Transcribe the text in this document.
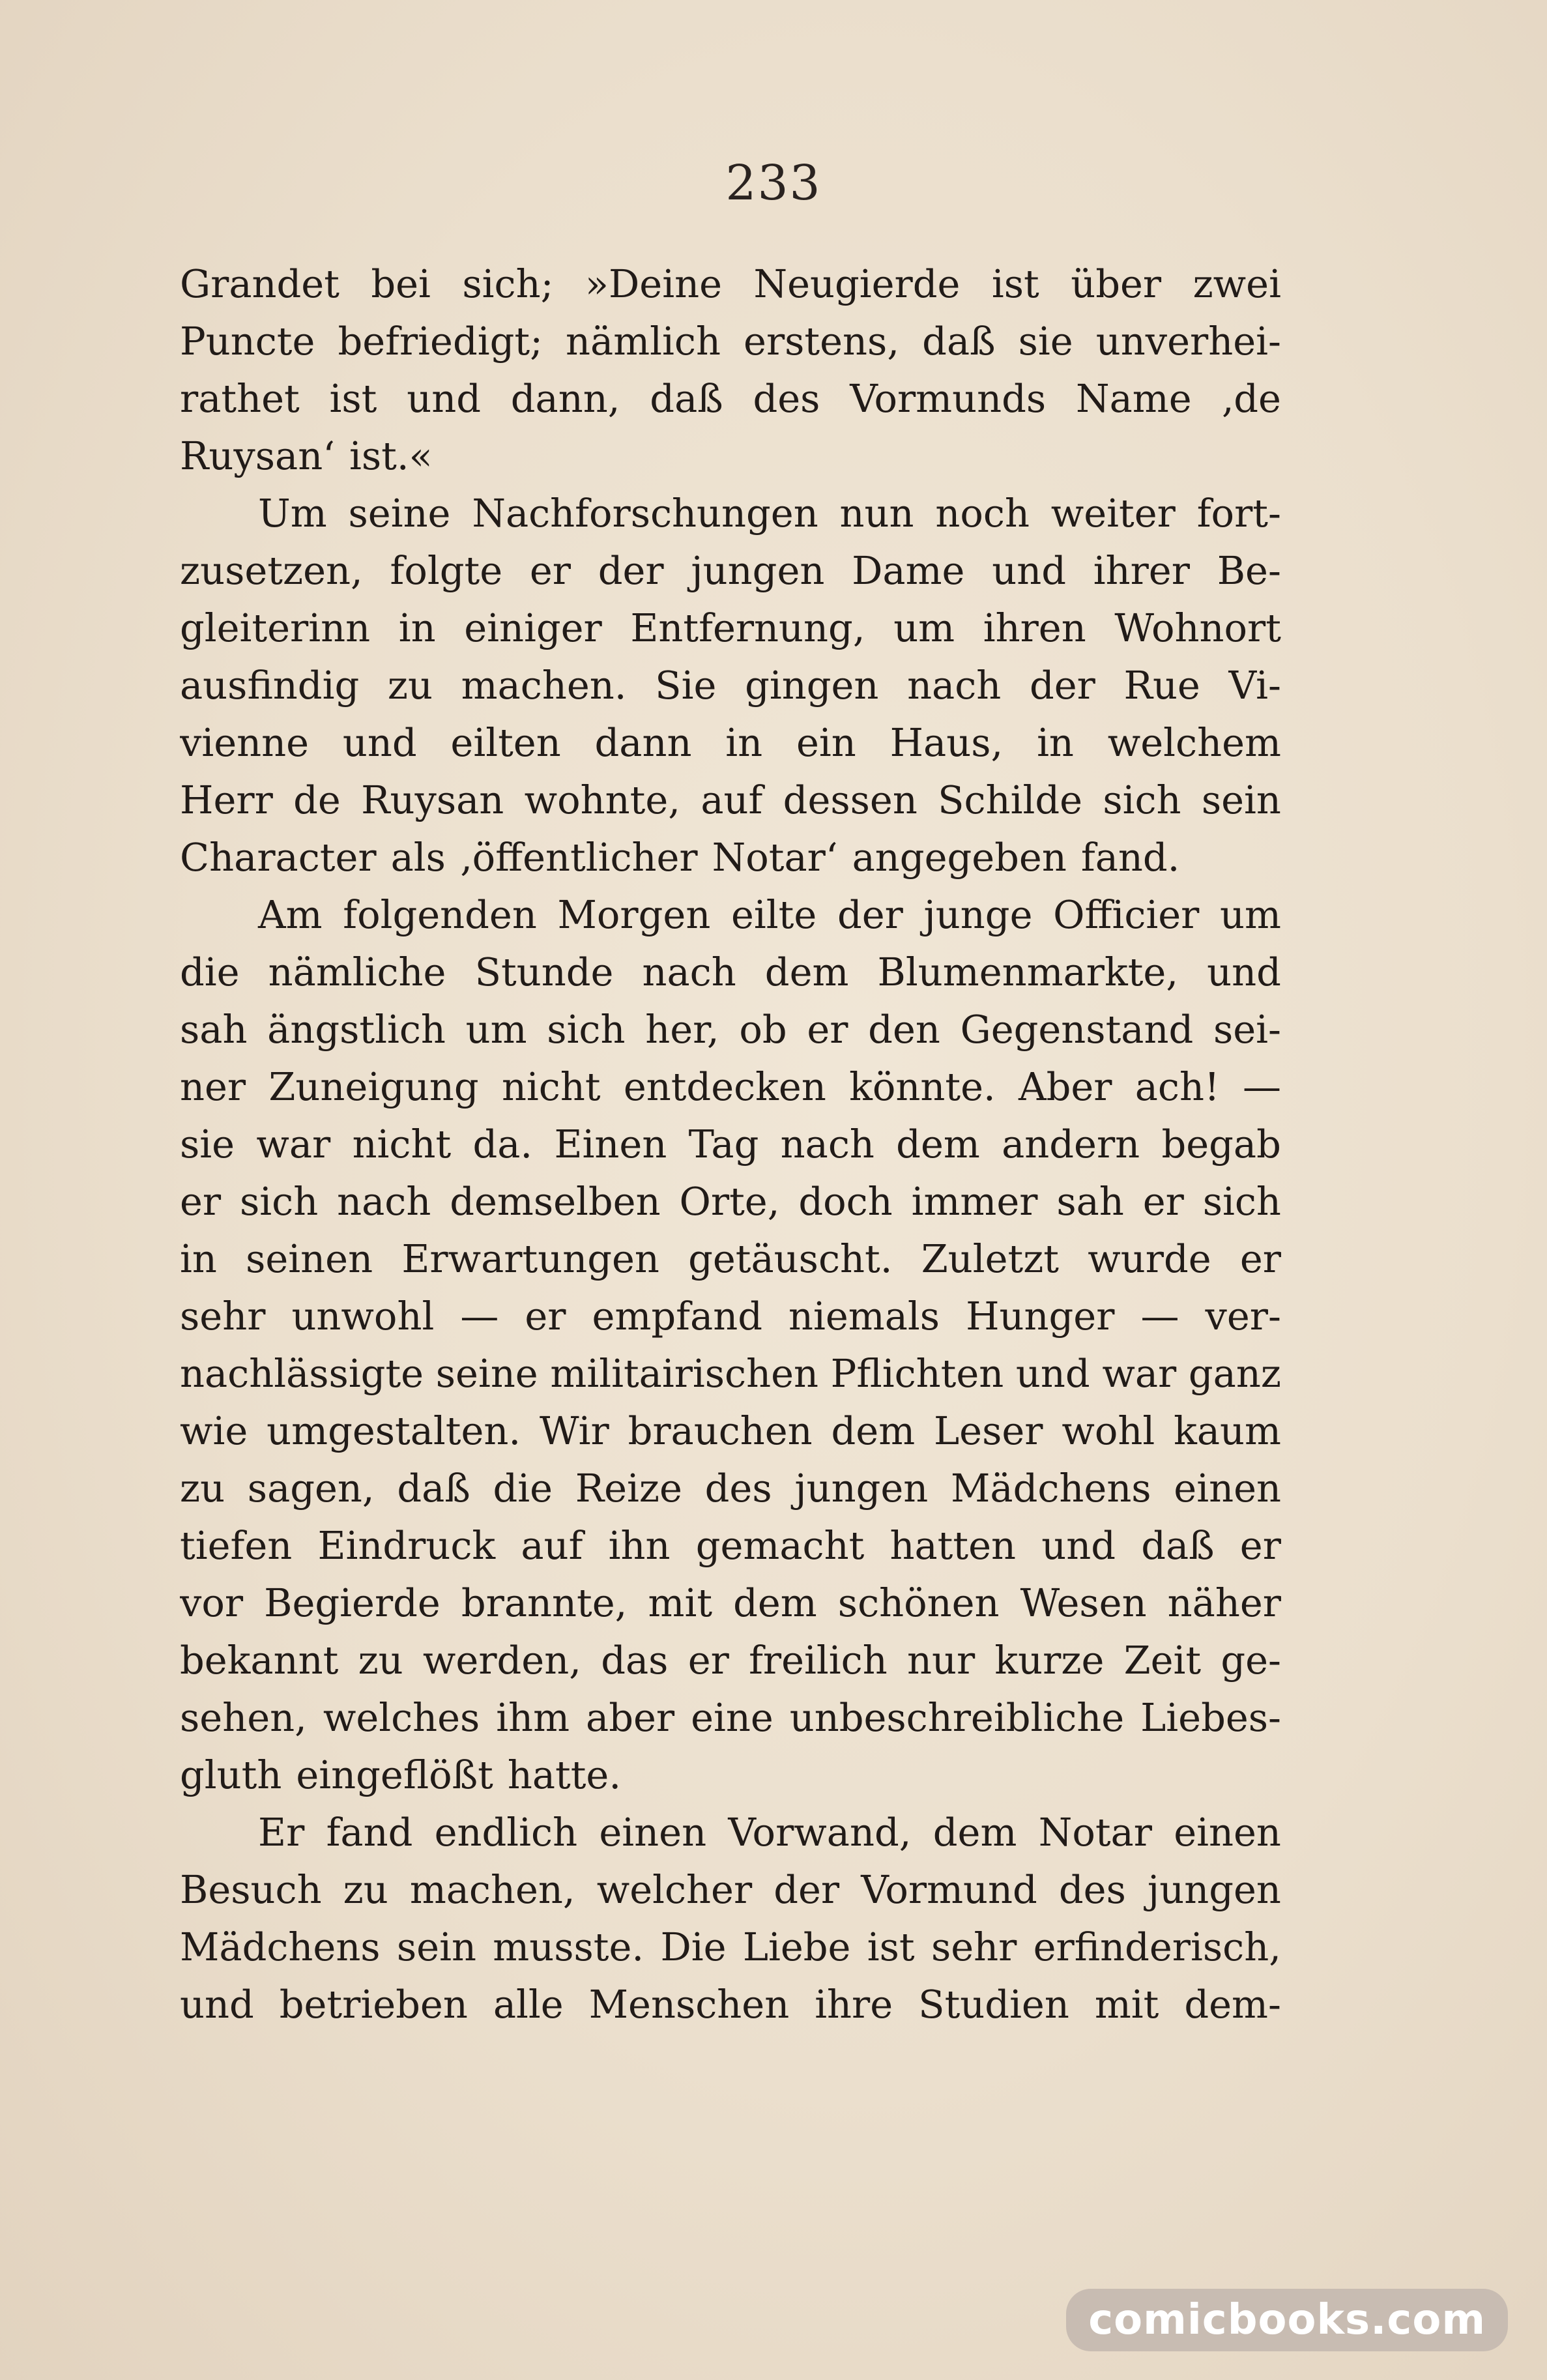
233
Grandet bei sich; »Deine Neugierde ist über zwei
Puncte befriedigt; nämlich erstens, daß sie unverhei-
rathet ist und dann, daß des Vormunds Name ‚de
Ruysan‘ ist.«
Um seine Nachforschungen nun noch weiter fort-
zusetzen, folgte er der jungen Dame und ihrer Be-
gleiterinn in einiger Entfernung, um ihren Wohnort
ausfindig zu machen. Sie gingen nach der Rue Vi-
vienne und eilten dann in ein Haus, in welchem
Herr de Ruysan wohnte, auf dessen Schilde sich sein
Character als ‚öffentlicher Notar‘ angegeben fand.
Am folgenden Morgen eilte der junge Officier um
die nämliche Stunde nach dem Blumenmarkte, und
sah ängstlich um sich her, ob er den Gegenstand sei-
ner Zuneigung nicht entdecken könnte. Aber ach! —
sie war nicht da. Einen Tag nach dem andern begab
er sich nach demselben Orte, doch immer sah er sich
in seinen Erwartungen getäuscht. Zuletzt wurde er
sehr unwohl — er empfand niemals Hunger — ver-
nachlässigte seine militairischen Pflichten und war ganz
wie umgestalten. Wir brauchen dem Leser wohl kaum
zu sagen, daß die Reize des jungen Mädchens einen
tiefen Eindruck auf ihn gemacht hatten und daß er
vor Begierde brannte, mit dem schönen Wesen näher
bekannt zu werden, das er freilich nur kurze Zeit ge-
sehen, welches ihm aber eine unbeschreibliche Liebes-
gluth eingeflößt hatte.
Er fand endlich einen Vorwand, dem Notar einen
Besuch zu machen, welcher der Vormund des jungen
Mädchens sein musste. Die Liebe ist sehr erfinderisch,
und betrieben alle Menschen ihre Studien mit dem-
comicbooks.com
